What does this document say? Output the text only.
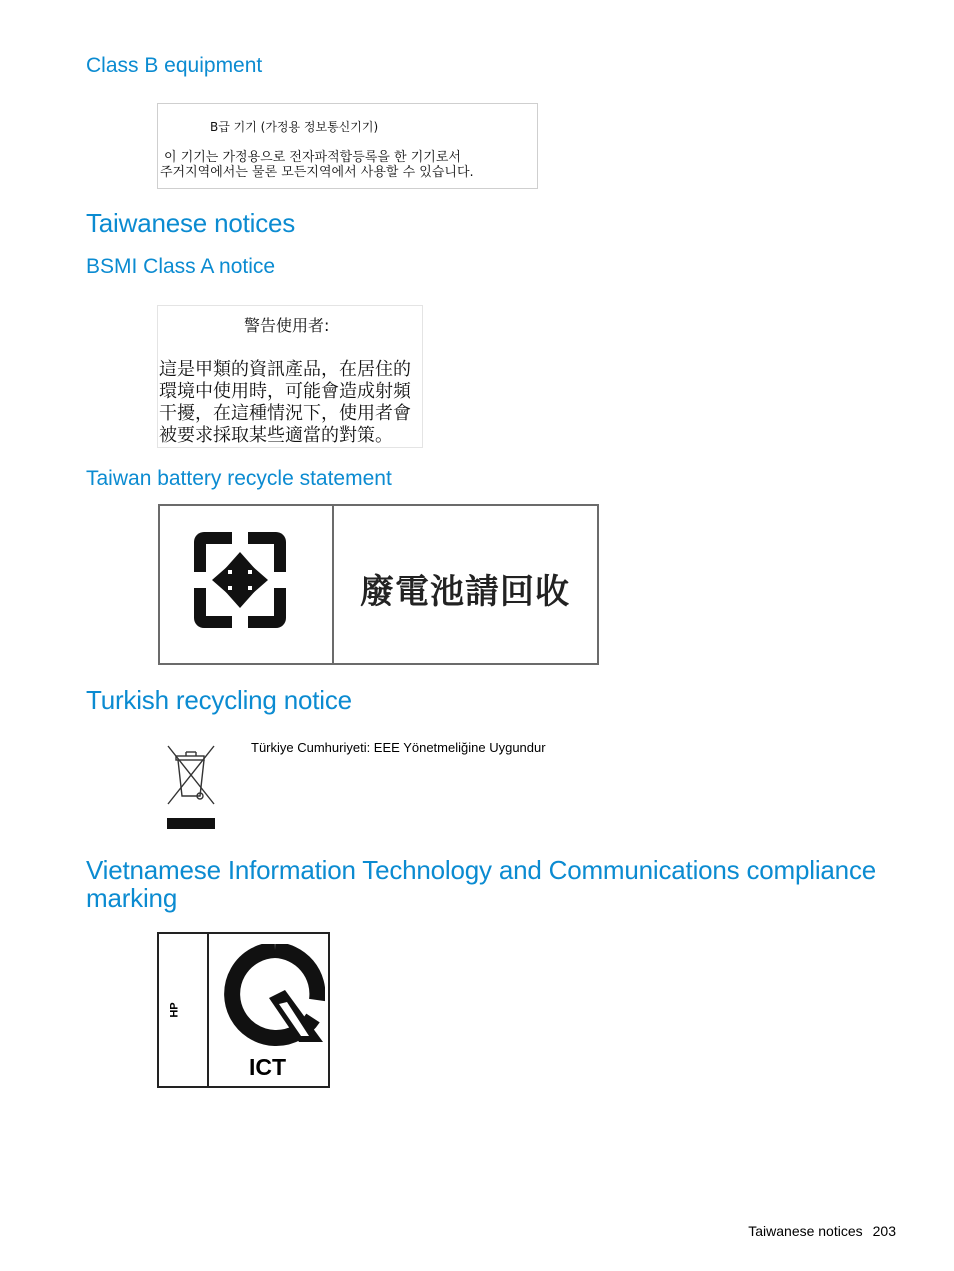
Class B equipment
B급 기기 (가정용 정보통신기기)
이 기기는 가정용으로 전자파적합등록을 한 기기로서
주거지역에서는 물론 모든지역에서 사용할 수 있습니다.
Taiwanese notices
BSMI Class A notice
警告使用者:
這是甲類的資訊產品，在居住的
環境中使用時，可能會造成射頻
干擾，在這種情況下，使用者會
被要求採取某些適當的對策。
Taiwan battery recycle statement
廢電池請回收
Turkish recycling notice
Türkiye Cumhuriyeti: EEE Yönetmeliğine Uygundur
Vietnamese Information Technology and Communications compliance marking
HP
ICT
Taiwanese notices 203
